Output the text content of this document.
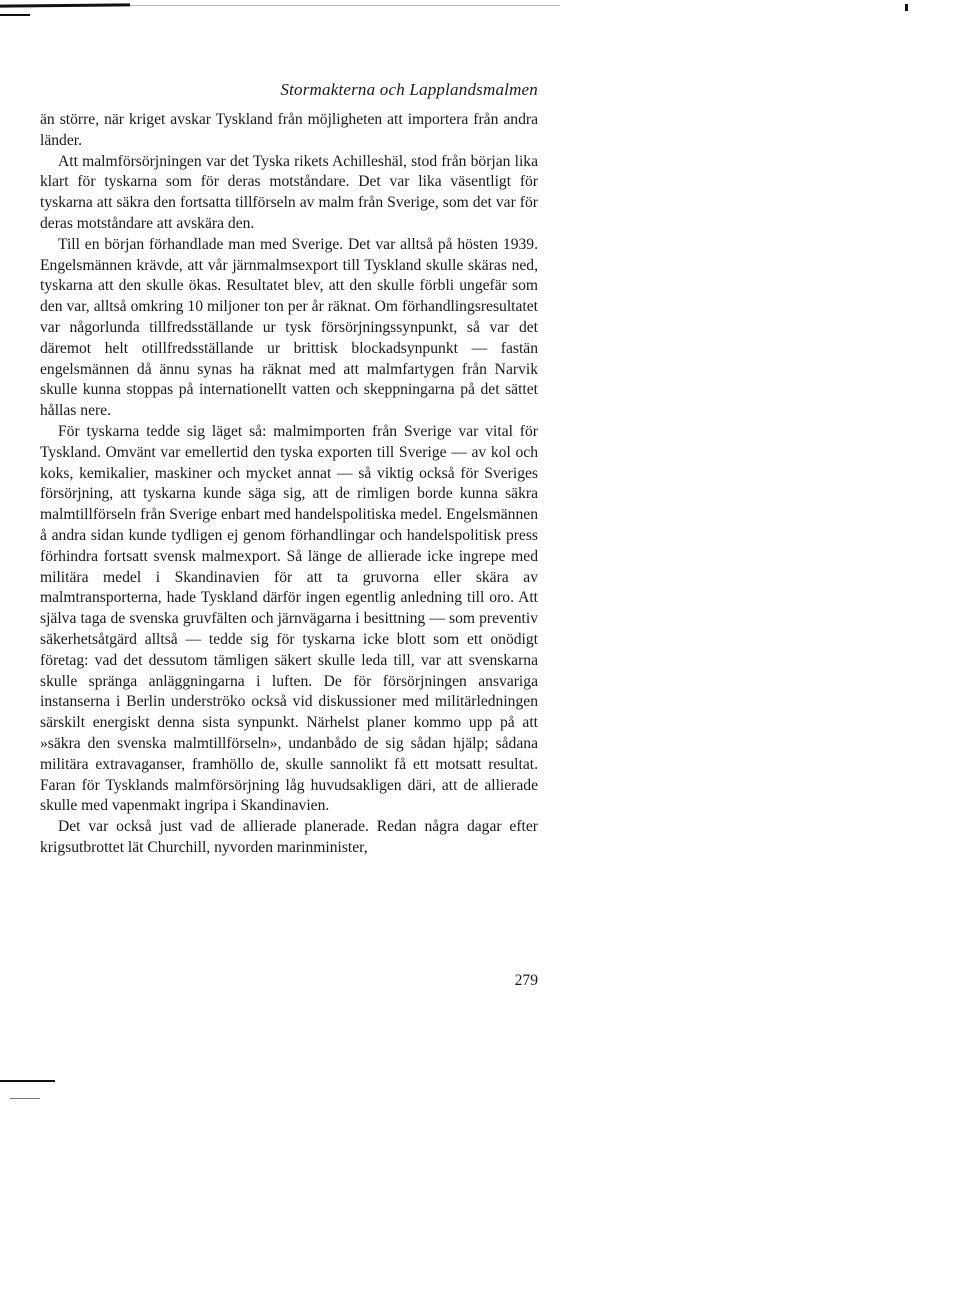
Stormakterna och Lapplandsmalmen

än större, när kriget avskar Tyskland från möjligheten att importera från andra länder.

Att malmförsörjningen var det Tyska rikets Achilleshäl, stod från början lika klart för tyskarna som för deras motståndare. Det var lika väsentligt för tyskarna att säkra den fortsatta tillförseln av malm från Sverige, som det var för deras motståndare att avskära den.

Till en början förhandlade man med Sverige. Det var alltså på hösten 1939. Engelsmännen krävde, att vår järnmalmsexport till Tyskland skulle skäras ned, tyskarna att den skulle ökas. Resultatet blev, att den skulle förbli ungefär som den var, alltså omkring 10 miljoner ton per år räknat. Om förhandlingsresultatet var någorlunda tillfredsställande ur tysk försörjningssynpunkt, så var det däremot helt otillfredsställande ur brittisk blockadsynpunkt — fastän engelsmännen då ännu synas ha räknat med att malmfartygen från Narvik skulle kunna stoppas på internationellt vatten och skeppningarna på det sättet hållas nere.

För tyskarna tedde sig läget så: malmimporten från Sverige var vital för Tyskland. Omvänt var emellertid den tyska exporten till Sverige — av kol och koks, kemikalier, maskiner och mycket annat — så viktig också för Sveriges försörjning, att tyskarna kunde säga sig, att de rimligen borde kunna säkra malmtillförseln från Sverige enbart med handelspolitiska medel. Engelsmännen å andra sidan kunde tydligen ej genom förhandlingar och handelspolitisk press förhindra fortsatt svensk malmexport. Så länge de allierade icke ingrepe med militära medel i Skandinavien för att ta gruvorna eller skära av malmtransporterna, hade Tyskland därför ingen egentlig anledning till oro. Att själva taga de svenska gruvfälten och järnvägarna i besittning — som preventiv säkerhetsåtgärd alltså — tedde sig för tyskarna icke blott som ett onödigt företag: vad det dessutom tämligen säkert skulle leda till, var att svenskarna skulle spränga anläggningarna i luften. De för försörjningen ansvariga instanserna i Berlin underströko också vid diskussioner med militärledningen särskilt energiskt denna sista synpunkt. Närhelst planer kommo upp på att »säkra den svenska malmtillförseln», undanbådo de sig sådan hjälp; sådana militära extravaganser, framhöllo de, skulle sannolikt få ett motsatt resultat. Faran för Tysklands malmförsörjning låg huvudsakligen däri, att de allierade skulle med vapenmakt ingripa i Skandinavien.

Det var också just vad de allierade planerade. Redan några dagar efter krigsutbrottet lät Churchill, nyvorden marinminister,

279
